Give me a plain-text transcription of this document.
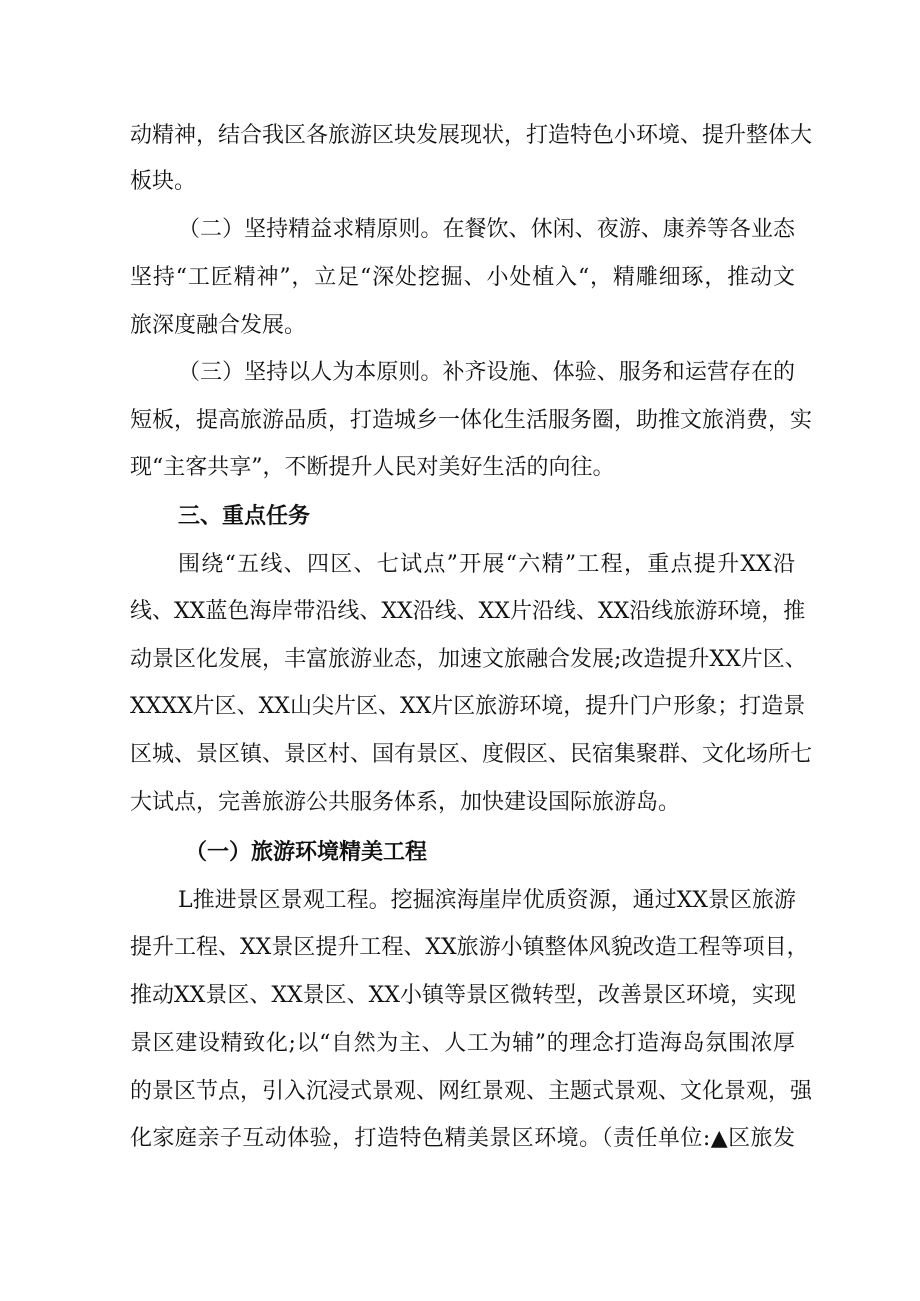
动精神，结合我区各旅游区块发展现状，打造特色小环境、提升整体大
板块。
（二）坚持精益求精原则。在餐饮、休闲、夜游、康养等各业态
坚持“工匠精神”，立足“深处挖掘、小处植入“，精雕细琢，推动文
旅深度融合发展。
（三）坚持以人为本原则。补齐设施、体验、服务和运营存在的
短板，提高旅游品质，打造城乡一体化生活服务圈，助推文旅消费，实
现“主客共享”，不断提升人民对美好生活的向往。
三、重点任务
围绕“五线、四区、七试点”开展“六精”工程，重点提升XX沿
线、XX蓝色海岸带沿线、XX沿线、XX片沿线、XX沿线旅游环境，推
动景区化发展，丰富旅游业态，加速文旅融合发展;改造提升XX片区、
XXXX片区、XX山尖片区、XX片区旅游环境，提升门户形象；打造景
区城、景区镇、景区村、国有景区、度假区、民宿集聚群、文化场所七
大试点，完善旅游公共服务体系，加快建设国际旅游岛。
（一）旅游环境精美工程
L推进景区景观工程。挖掘滨海崖岸优质资源，通过XX景区旅游
提升工程、XX景区提升工程、XX旅游小镇整体风貌改造工程等项目，
推动XX景区、XX景区、XX小镇等景区微转型，改善景区环境，实现
景区建设精致化;以“自然为主、人工为辅”的理念打造海岛氛围浓厚
的景区节点，引入沉浸式景观、网红景观、主题式景观、文化景观，强
化家庭亲子互动体验，打造特色精美景区环境。（责任单位:▲区旅发
